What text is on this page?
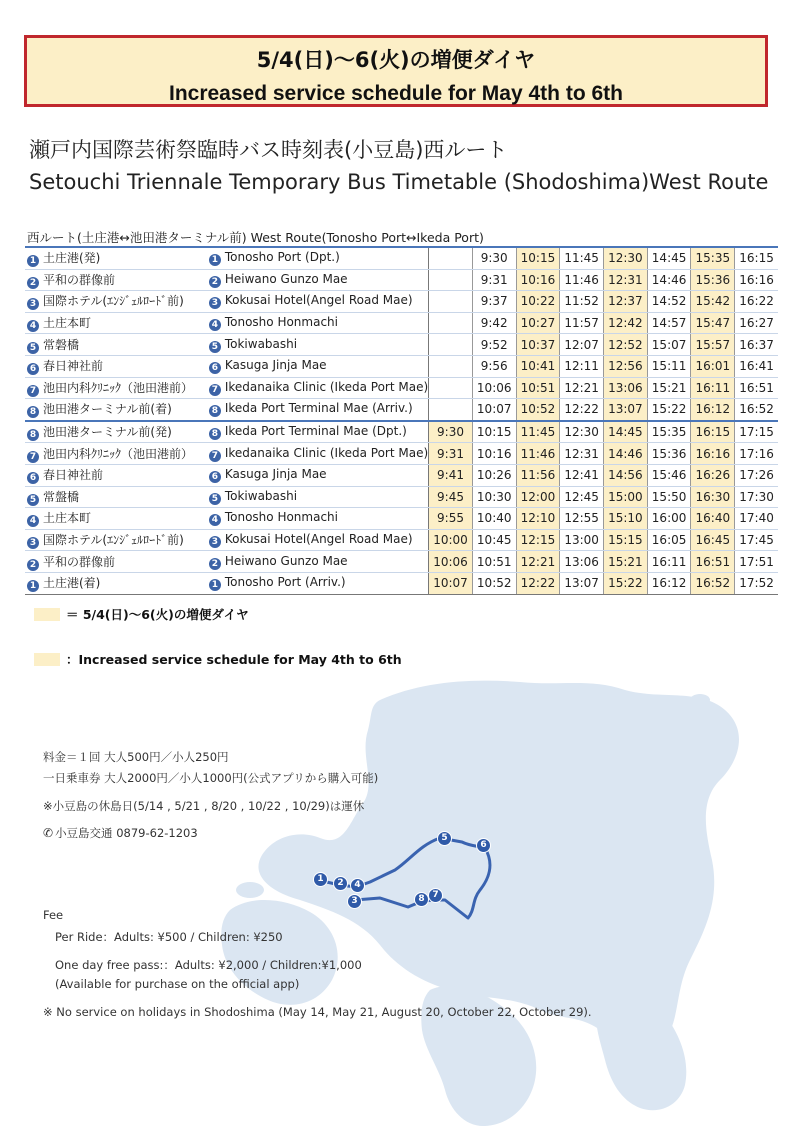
5/4(日)～6(火)の増便ダイヤ
Increased service schedule for May 4th to 6th
瀬戸内国際芸術祭臨時バス時刻表(小豆島)西ルート
Setouchi Triennale Temporary Bus Timetable (Shodoshima)West Route
西ルート(土庄港↔池田港ターミナル前) West Route(Tonosho Port↔Ikeda Port)
1 土庄港(発)	1 Tonosho Port (Dpt.)		9:30	10:15	11:45	12:30	14:45	15:35	16:15
2 平和の群像前	2 Heiwano Gunzo Mae		9:31	10:16	11:46	12:31	14:46	15:36	16:16
3 国際ホテル(ｴﾝｼﾞｪﾙﾛｰﾄﾞ前)	3 Kokusai Hotel(Angel Road Mae)		9:37	10:22	11:52	12:37	14:52	15:42	16:22
4 土庄本町	4 Tonosho Honmachi		9:42	10:27	11:57	12:42	14:57	15:47	16:27
5 常磐橋	5 Tokiwabashi		9:52	10:37	12:07	12:52	15:07	15:57	16:37
6 春日神社前	6 Kasuga Jinja Mae		9:56	10:41	12:11	12:56	15:11	16:01	16:41
7 池田内科ｸﾘﾆｯｸ（池田港前）	7 Ikedanaika Clinic (Ikeda Port Mae)		10:06	10:51	12:21	13:06	15:21	16:11	16:51
8 池田港ターミナル前(着)	8 Ikeda Port Terminal Mae (Arriv.)		10:07	10:52	12:22	13:07	15:22	16:12	16:52
8 池田港ターミナル前(発)	8 Ikeda Port Terminal Mae (Dpt.)	9:30	10:15	11:45	12:30	14:45	15:35	16:15	17:15
7 池田内科ｸﾘﾆｯｸ（池田港前）	7 Ikedanaika Clinic (Ikeda Port Mae)	9:31	10:16	11:46	12:31	14:46	15:36	16:16	17:16
6 春日神社前	6 Kasuga Jinja Mae	9:41	10:26	11:56	12:41	14:56	15:46	16:26	17:26
5 常盤橋	5 Tokiwabashi	9:45	10:30	12:00	12:45	15:00	15:50	16:30	17:30
4 土庄本町	4 Tonosho Honmachi	9:55	10:40	12:10	12:55	15:10	16:00	16:40	17:40
3 国際ホテル(ｴﾝｼﾞｪﾙﾛｰﾄﾞ前)	3 Kokusai Hotel(Angel Road Mae)	10:00	10:45	12:15	13:00	15:15	16:05	16:45	17:45
2 平和の群像前	2 Heiwano Gunzo Mae	10:06	10:51	12:21	13:06	15:21	16:11	16:51	17:51
1 土庄港(着)	1 Tonosho Port (Arriv.)	10:07	10:52	12:22	13:07	15:22	16:12	16:52	17:52
＝ 5/4(日)～6(火)の増便ダイヤ
：Increased service schedule for May 4th to 6th
1	2	4
3
5
6
8 7
料金＝１回 大人500円／小人250円
一日乗車券 大人2000円／小人1000円(公式アプリから購入可能)
※小豆島の休島日(5/14 , 5/21 , 8/20 , 10/22 , 10/29)は運休
✆ 小豆島交通 0879-62-1203
Fee
Per Ride：Adults: ¥500 / Children: ¥250
One day free pass:：Adults: ¥2,000 / Children:¥1,000
(Available for purchase on the official app)
※ No service on holidays in Shodoshima (May 14, May 21, August 20, October 22, October 29).
